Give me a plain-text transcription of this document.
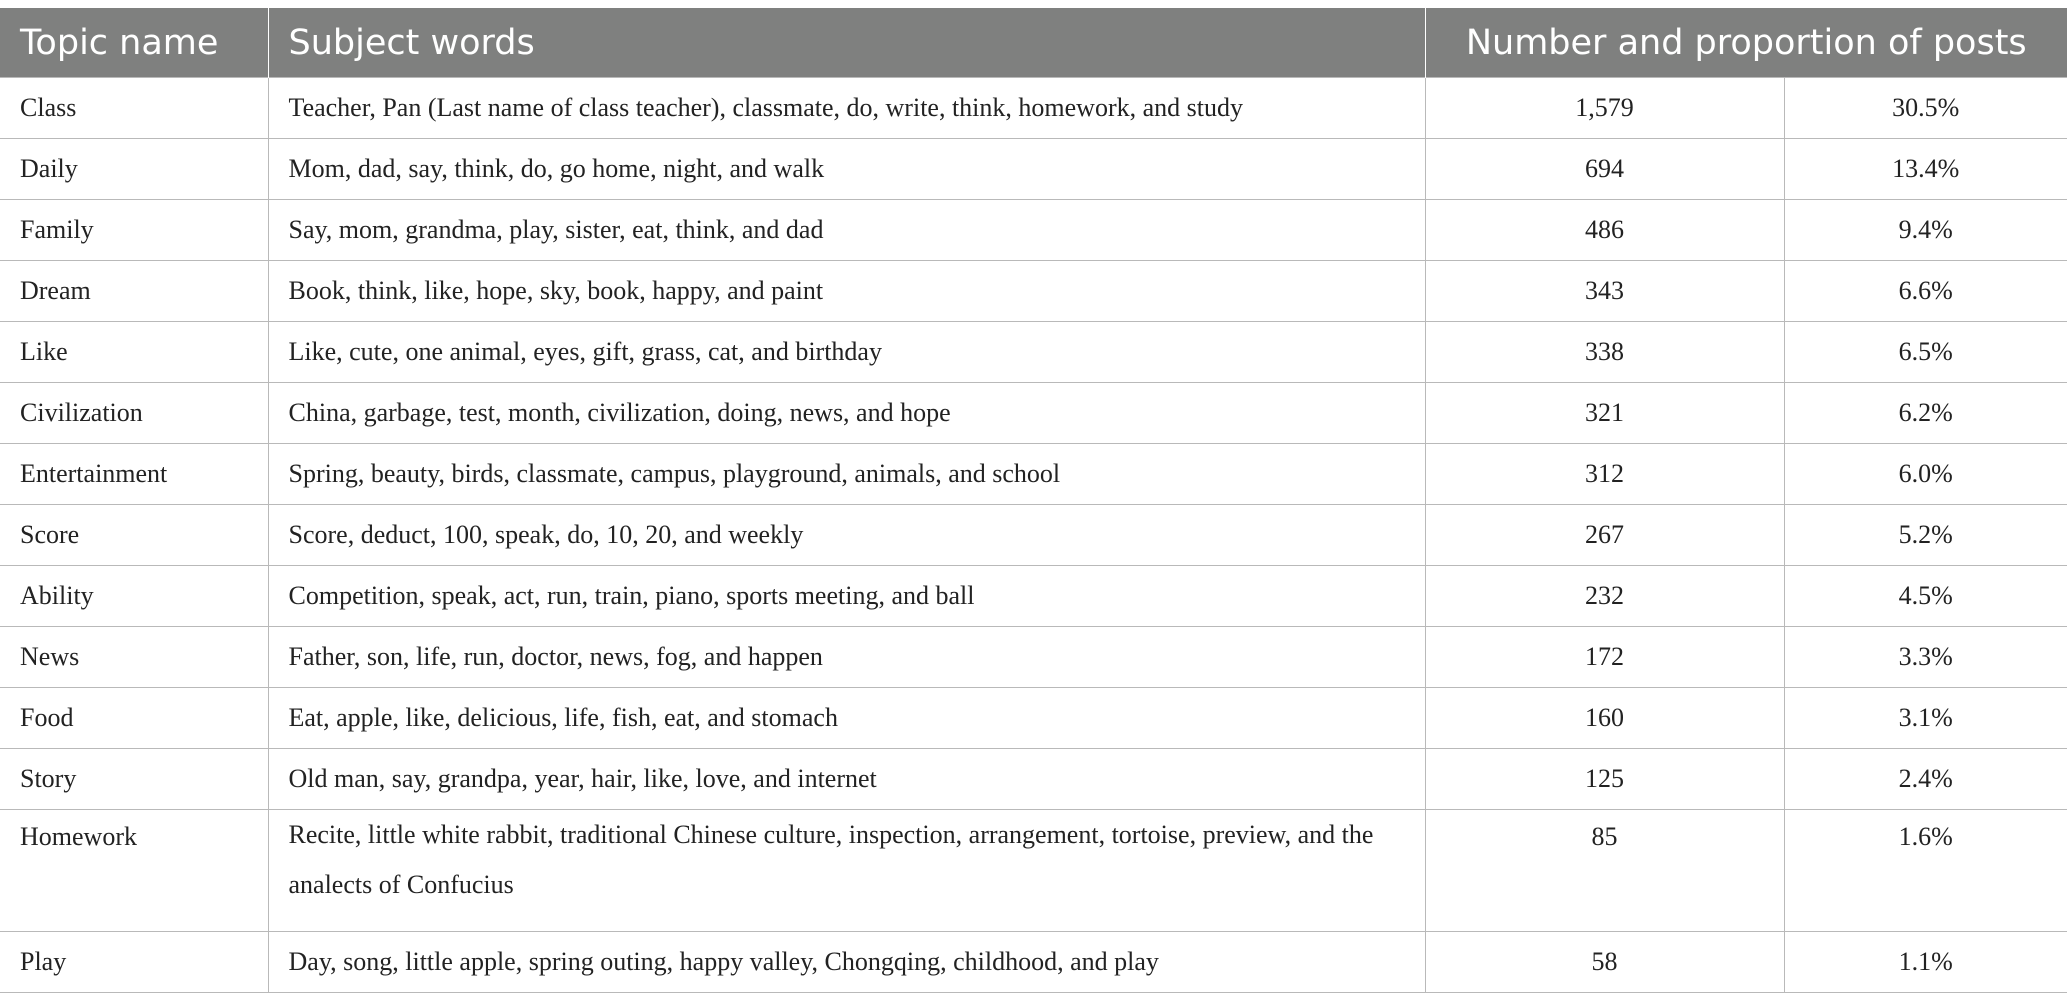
Topic name	Subject words	Number and proportion of posts	
Class	Teacher, Pan (Last name of class teacher), classmate, do, write, think, homework, and study	1,579	30.5%
Daily	Mom, dad, say, think, do, go home, night, and walk	694	13.4%
Family	Say, mom, grandma, play, sister, eat, think, and dad	486	9.4%
Dream	Book, think, like, hope, sky, book, happy, and paint	343	6.6%
Like	Like, cute, one animal, eyes, gift, grass, cat, and birthday	338	6.5%
Civilization	China, garbage, test, month, civilization, doing, news, and hope	321	6.2%
Entertainment	Spring, beauty, birds, classmate, campus, playground, animals, and school	312	6.0%
Score	Score, deduct, 100, speak, do, 10, 20, and weekly	267	5.2%
Ability	Competition, speak, act, run, train, piano, sports meeting, and ball	232	4.5%
News	Father, son, life, run, doctor, news, fog, and happen	172	3.3%
Food	Eat, apple, like, delicious, life, fish, eat, and stomach	160	3.1%
Story	Old man, say, grandpa, year, hair, like, love, and internet	125	2.4%
Homework	Recite, little white rabbit, traditional Chinese culture, inspection, arrangement, tortoise, preview, and the analects of Confucius	85	1.6%
Play	Day, song, little apple, spring outing, happy valley, Chongqing, childhood, and play	58	1.1%
